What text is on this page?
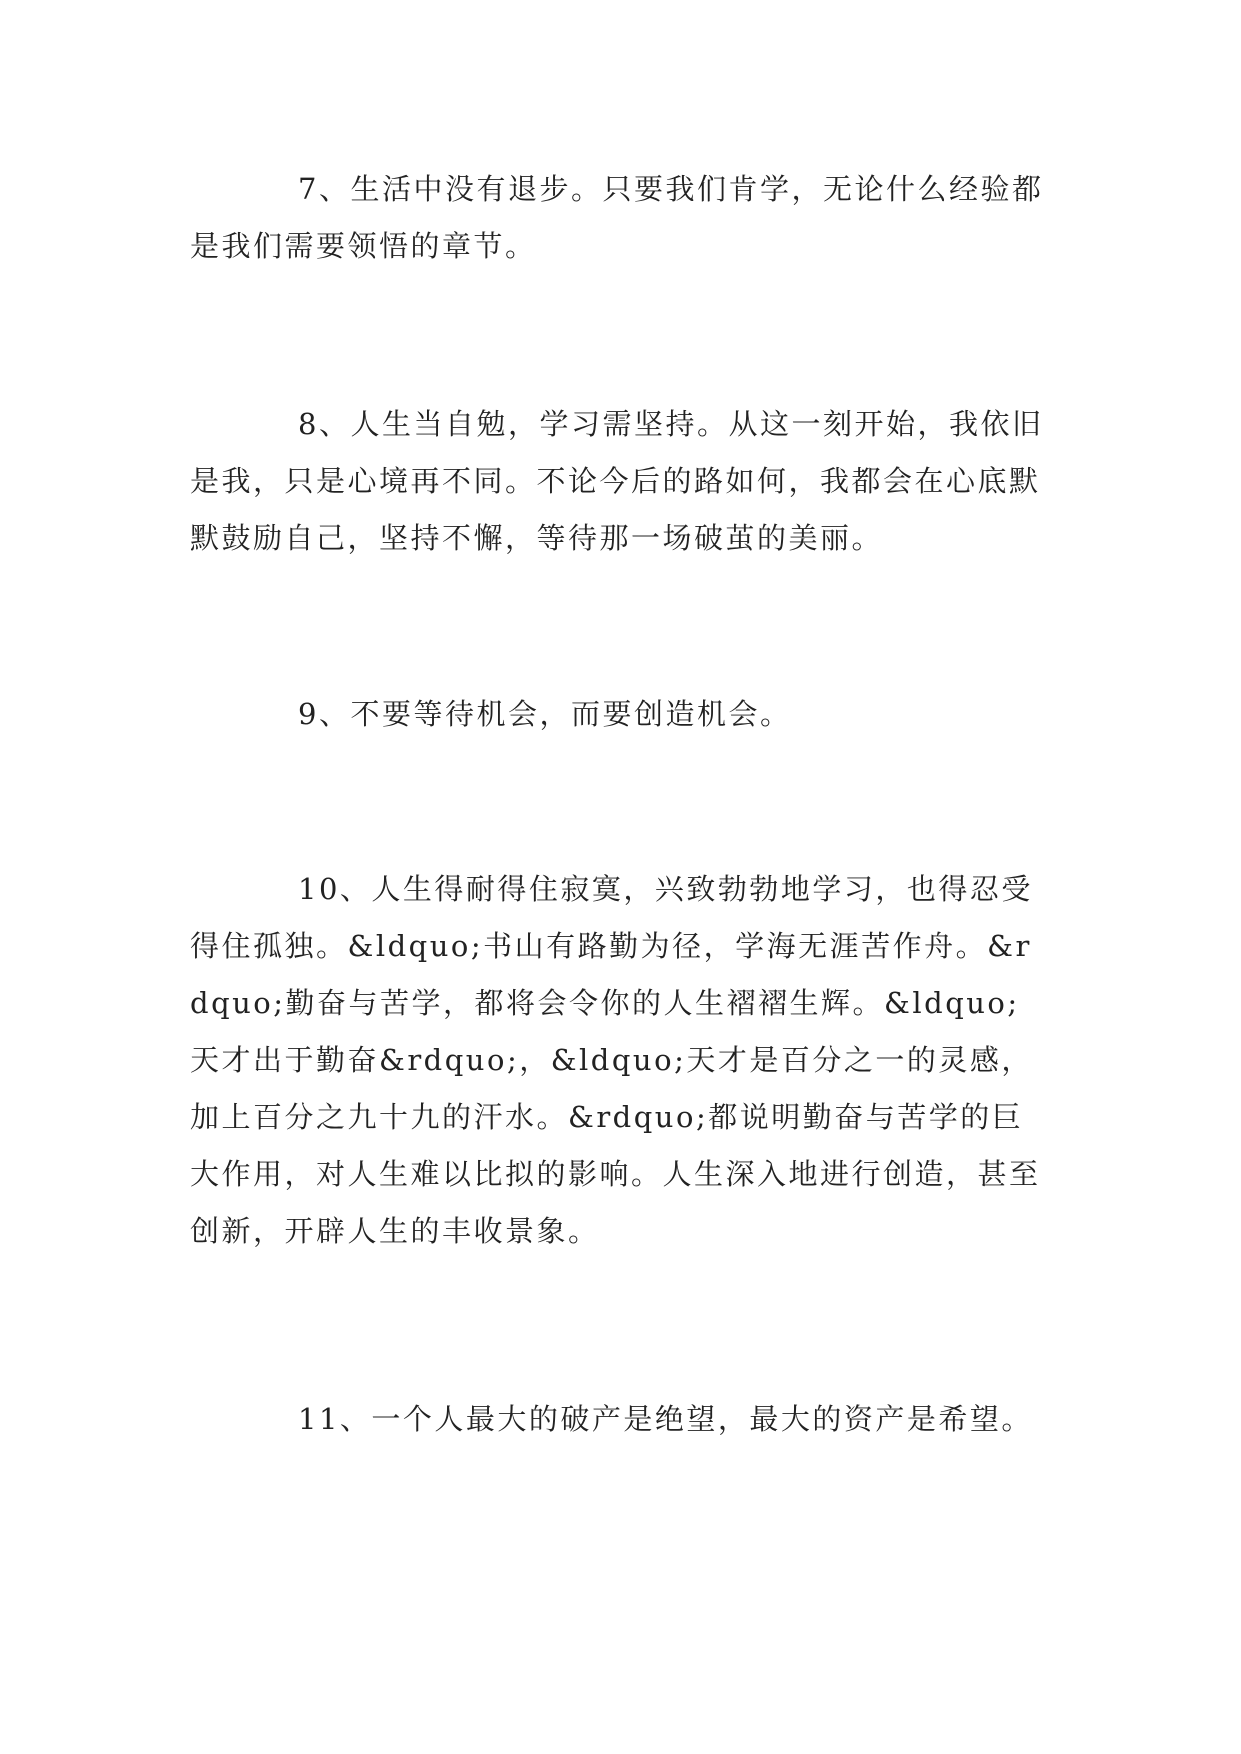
7、生活中没有退步。只要我们肯学，无论什么经验都是我们需要领悟的章节。

8、人生当自勉，学习需坚持。从这一刻开始，我依旧是我，只是心境再不同。不论今后的路如何，我都会在心底默默鼓励自己，坚持不懈，等待那一场破茧的美丽。

9、不要等待机会，而要创造机会。

10、人生得耐得住寂寞，兴致勃勃地学习，也得忍受得住孤独。&ldquo;书山有路勤为径，学海无涯苦作舟。&rdquo;勤奋与苦学，都将会令你的人生褶褶生辉。&ldquo;天才出于勤奋&rdquo;，&ldquo;天才是百分之一的灵感，加上百分之九十九的汗水。&rdquo;都说明勤奋与苦学的巨大作用，对人生难以比拟的影响。人生深入地进行创造，甚至创新，开辟人生的丰收景象。

11、一个人最大的破产是绝望，最大的资产是希望。
